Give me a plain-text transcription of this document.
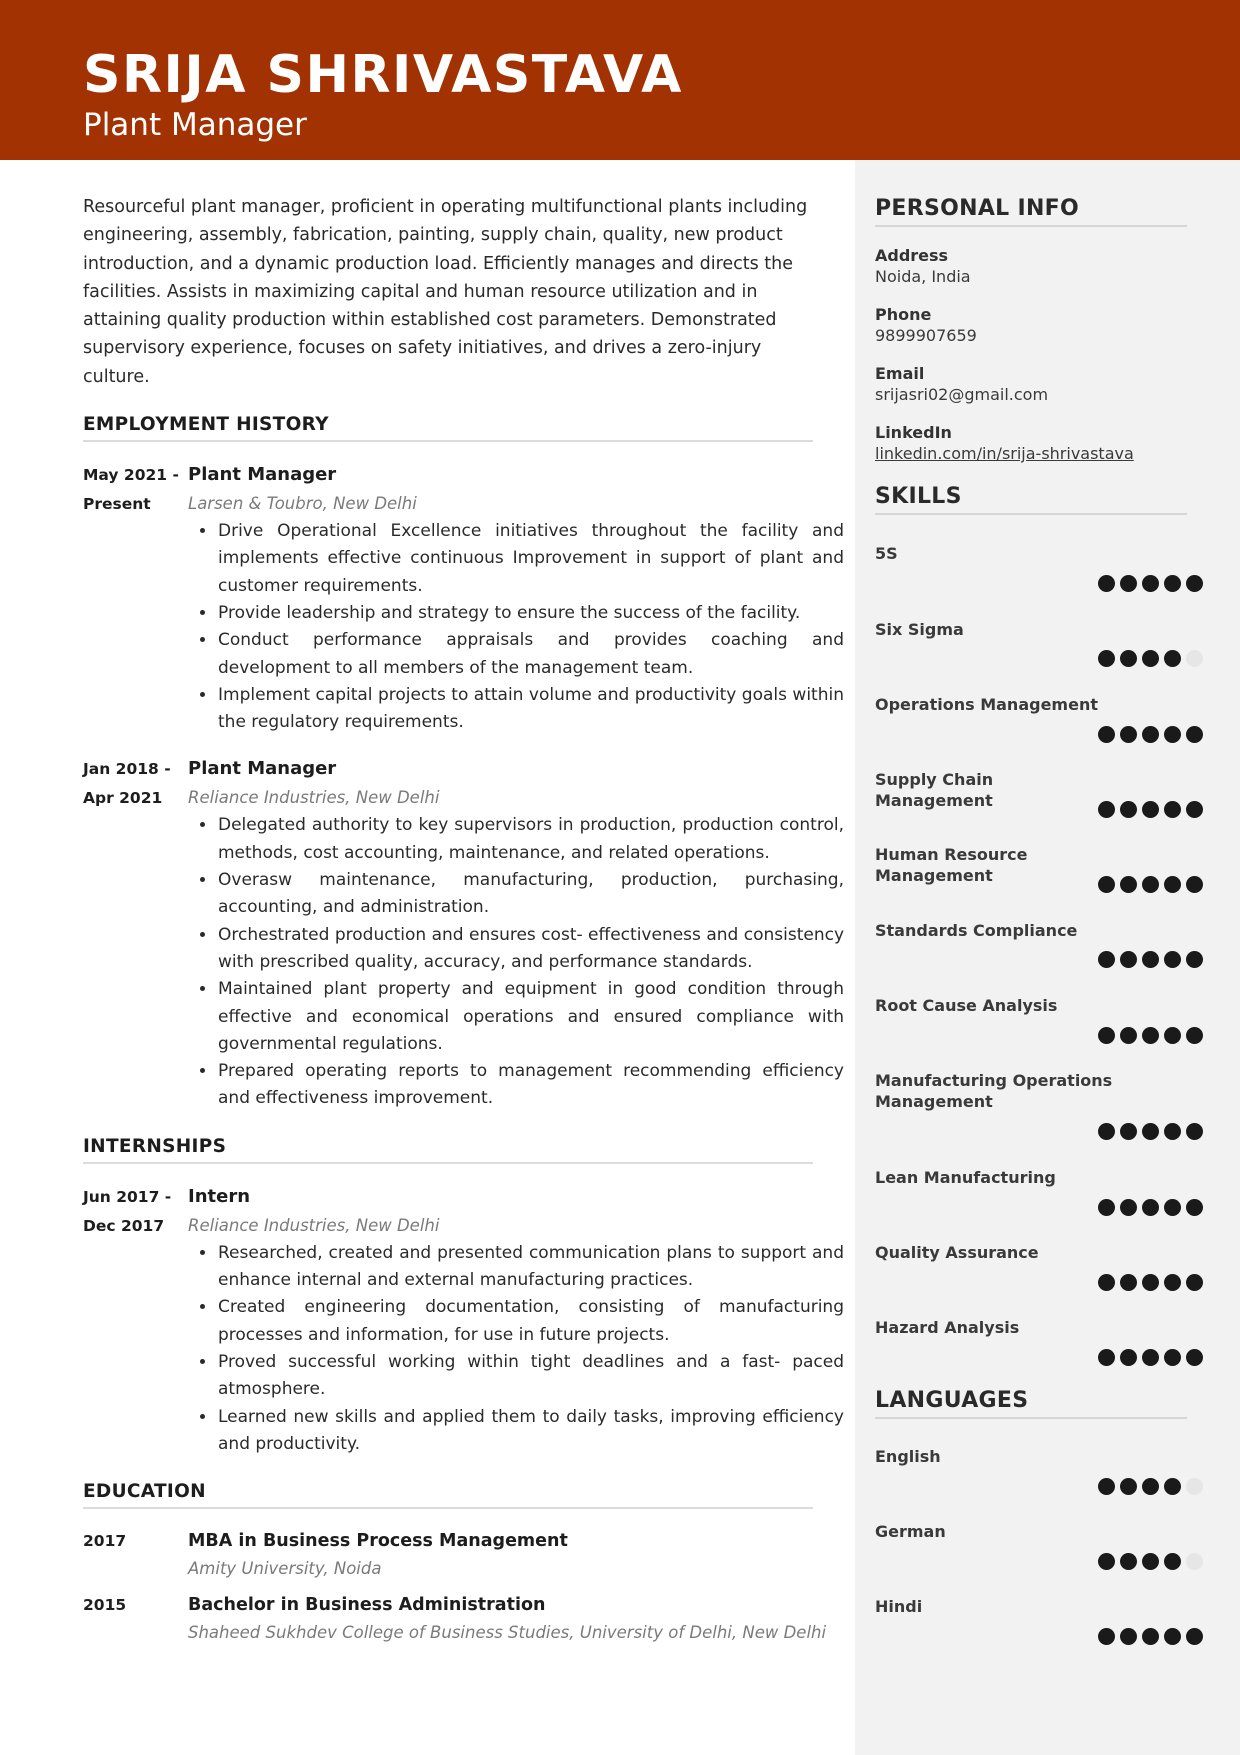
SRIJA SHRIVASTAVA
Plant Manager

Resourceful plant manager, proficient in operating multifunctional plants including engineering, assembly, fabrication, painting, supply chain, quality, new product introduction, and a dynamic production load. Efficiently manages and directs the facilities. Assists in maximizing capital and human resource utilization and in attaining quality production within established cost parameters. Demonstrated supervisory experience, focuses on safety initiatives, and drives a zero-injury culture.

EMPLOYMENT HISTORY
May 2021 -
Present
Plant Manager
Larsen & Toubro, New Delhi
• Drive Operational Excellence initiatives throughout the facility and implements effective continuous Improvement in support of plant and customer requirements.
• Provide leadership and strategy to ensure the success of the facility.
• Conduct performance appraisals and provides coaching and development to all members of the management team.
• Implement capital projects to attain volume and productivity goals within the regulatory requirements.
Jan 2018 -
Apr 2021
Plant Manager
Reliance Industries, New Delhi
• Delegated authority to key supervisors in production, production control, methods, cost accounting, maintenance, and related operations.
• Overasw maintenance, manufacturing, production, purchasing, accounting, and administration.
• Orchestrated production and ensures cost- effectiveness and consistency with prescribed quality, accuracy, and performance standards.
• Maintained plant property and equipment in good condition through effective and economical operations and ensured compliance with governmental regulations.
• Prepared operating reports to management recommending efficiency and effectiveness improvement.
INTERNSHIPS
Jun 2017 -
Dec 2017
Intern
Reliance Industries, New Delhi
• Researched, created and presented communication plans to support and enhance internal and external manufacturing practices.
• Created engineering documentation, consisting of manufacturing processes and information, for use in future projects.
• Proved successful working within tight deadlines and a fast- paced atmosphere.
• Learned new skills and applied them to daily tasks, improving efficiency and productivity.
EDUCATION
2017	MBA in Business Process Management
Amity University, Noida
2015	Bachelor in Business Administration
Shaheed Sukhdev College of Business Studies, University of Delhi, New Delhi
PERSONAL INFO
Address
Noida, India
Phone
9899907659
Email
srijasri02@gmail.com
LinkedIn
linkedin.com/in/srija-shrivastava
SKILLS
5S
Six Sigma
Operations Management
Supply Chain Management
Human Resource Management
Standards Compliance
Root Cause Analysis
Manufacturing Operations Management
Lean Manufacturing
Quality Assurance
Hazard Analysis
LANGUAGES
English
German
Hindi
